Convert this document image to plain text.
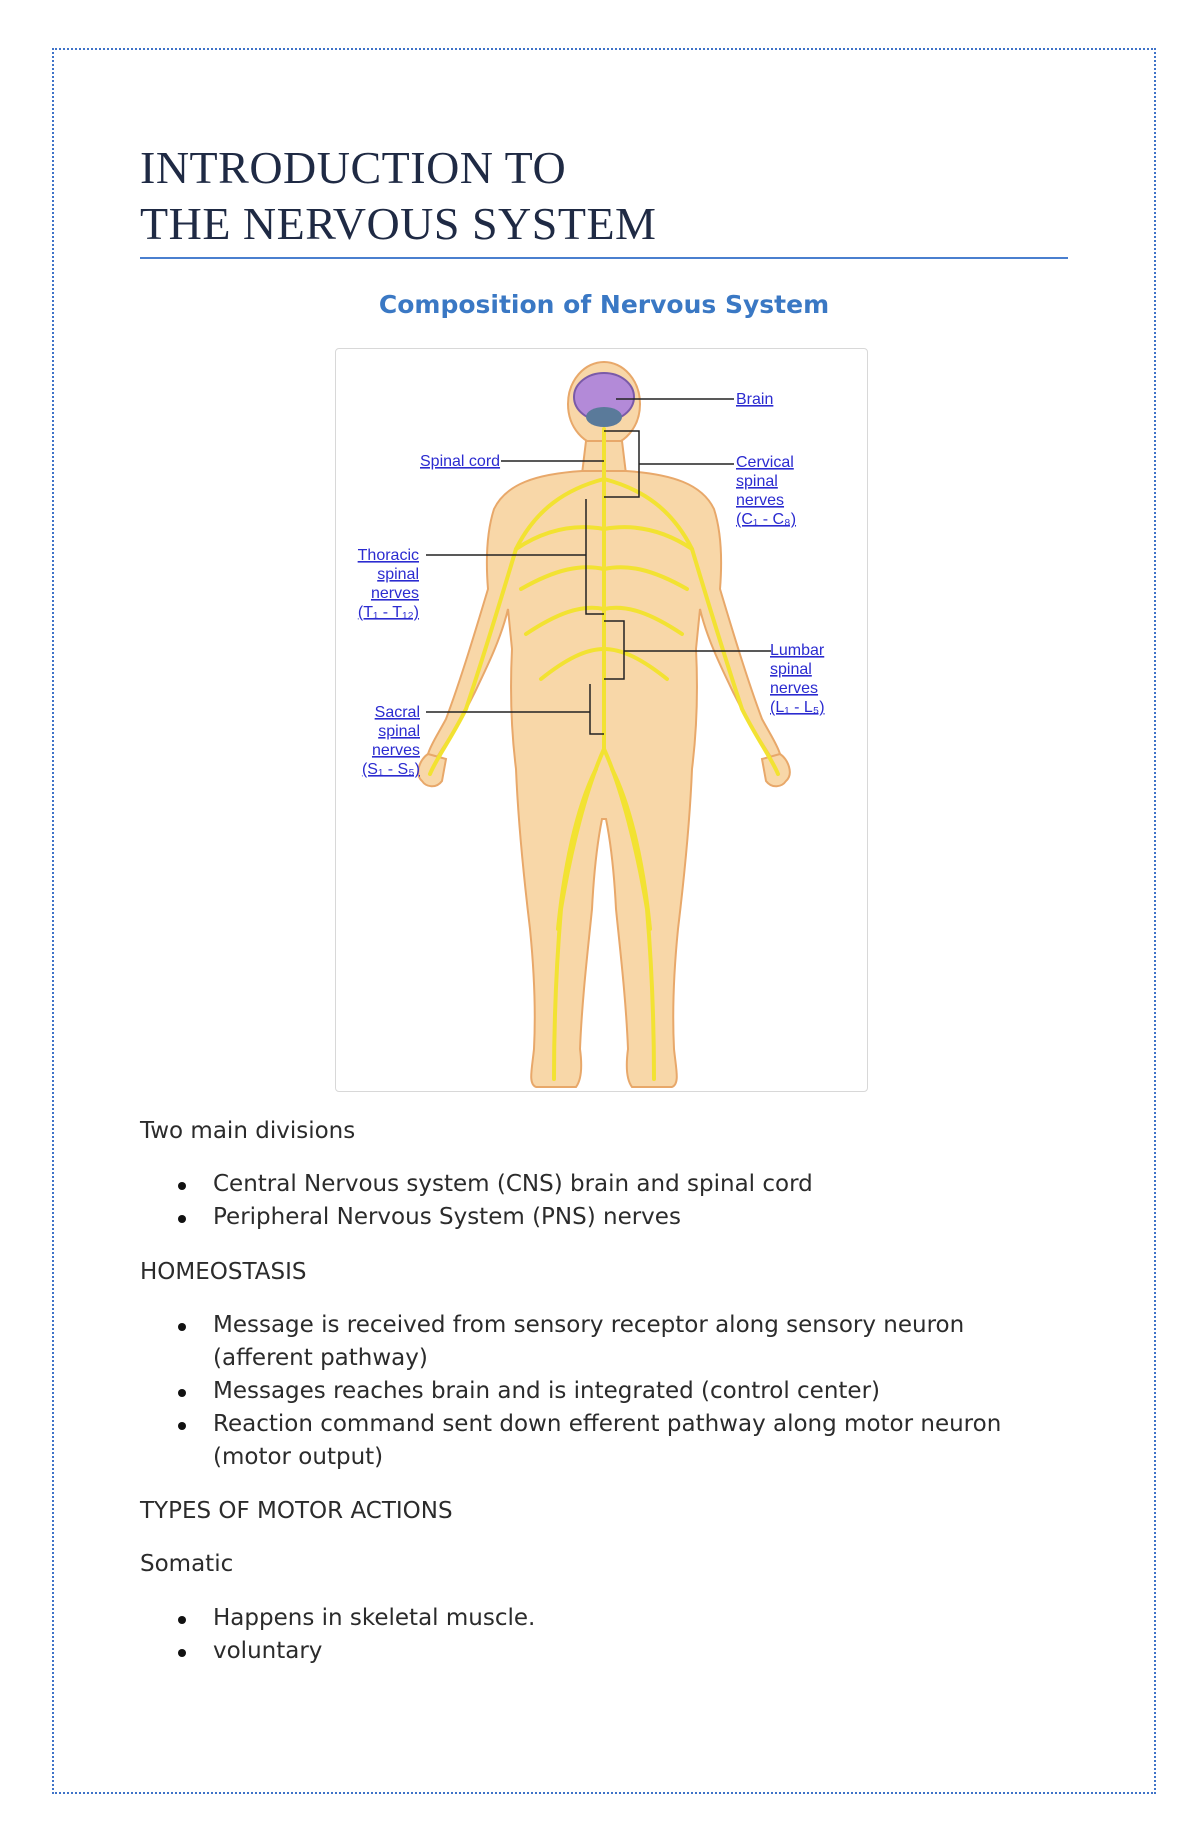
INTRODUCTION TO
THE NERVOUS SYSTEM
Composition of Nervous System
Brain
Spinal cord	Cervical
spinal
nerves
(C₁ - C₈)
Thoracic
spinal
nerves
(T₁ - T₁₂)
Lumbar
spinal
nerves
(L₁ - L₅)
Sacral
spinal
nerves
(S₁ - S₅)

Two main divisions

Central Nervous system (CNS) brain and spinal cord
Peripheral Nervous System (PNS) nerves

HOMEOSTASIS

Message is received from sensory receptor along sensory neuron (afferent pathway)
Messages reaches brain and is integrated (control center)
Reaction command sent down efferent pathway along motor neuron (motor output)

TYPES OF MOTOR ACTIONS

Somatic

Happens in skeletal muscle.
voluntary
